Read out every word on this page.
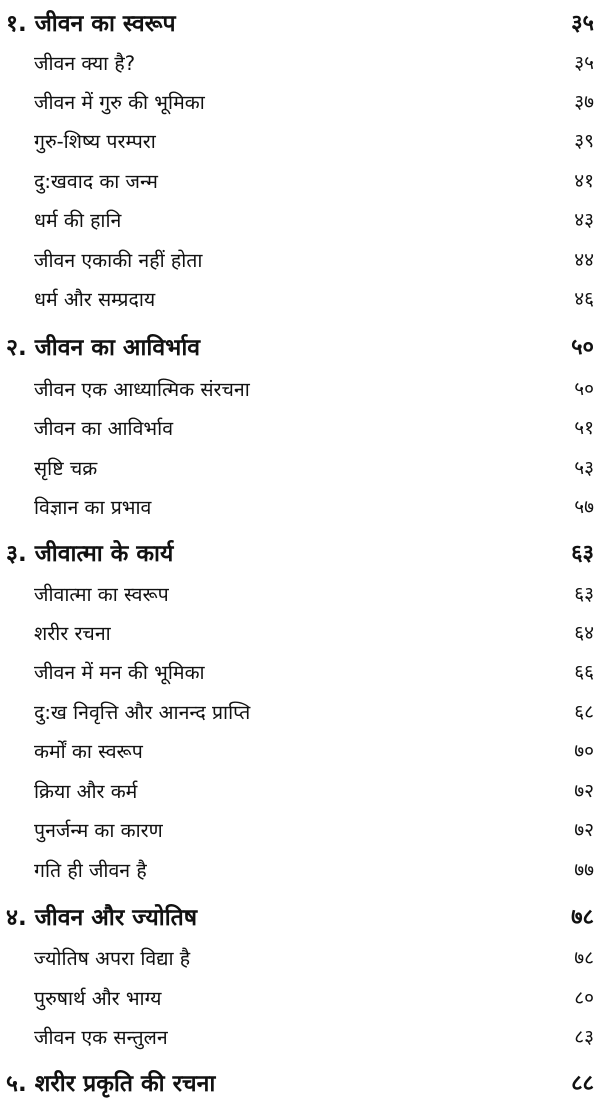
१. जीवन का स्वरूप	३५
जीवन क्या है?	३५
जीवन में गुरु की भूमिका	३७
गुरु-शिष्य परम्परा	३९
दु:खवाद का जन्म	४१
धर्म की हानि	४३
जीवन एकाकी नहीं होता	४४
धर्म और सम्प्रदाय	४६
२. जीवन का आविर्भाव	५०
जीवन एक आध्यात्मिक संरचना	५०
जीवन का आविर्भाव	५१
सृष्टि चक्र	५३
विज्ञान का प्रभाव	५७
३. जीवात्मा के कार्य	६३
जीवात्मा का स्वरूप	६३
शरीर रचना	६४
जीवन में मन की भूमिका	६६
दु:ख निवृत्ति और आनन्द प्राप्ति	६८
कर्मों का स्वरूप	७०
क्रिया और कर्म	७२
पुनर्जन्म का कारण	७२
गति ही जीवन है	७७
४. जीवन और ज्योतिष	७८
ज्योतिष अपरा विद्या है	७८
पुरुषार्थ और भाग्य	८०
जीवन एक सन्तुलन	८३
५. शरीर प्रकृति की रचना	८८
